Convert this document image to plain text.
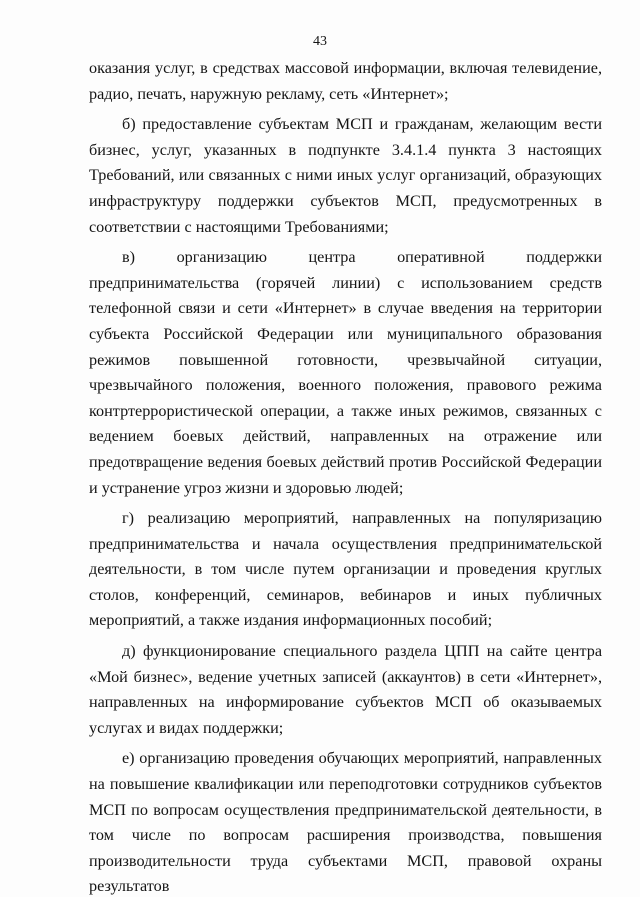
43

оказания услуг, в средствах массовой информации, включая телевидение, радио, печать, наружную рекламу, сеть «Интернет»;

б) предоставление субъектам МСП и гражданам, желающим вести бизнес, услуг, указанных в подпункте 3.4.1.4 пункта 3 настоящих Требований, или связанных с ними иных услуг организаций, образующих инфраструктуру поддержки субъектов МСП, предусмотренных в соответствии с настоящими Требованиями;

в) организацию центра оперативной поддержки предпринимательства (горячей линии) с использованием средств телефонной связи и сети «Интернет» в случае введения на территории субъекта Российской Федерации или муниципального образования режимов повышенной готовности, чрезвычайной ситуации, чрезвычайного положения, военного положения, правового режима контртеррористической операции, а также иных режимов, связанных с ведением боевых действий, направленных на отражение или предотвращение ведения боевых действий против Российской Федерации и устранение угроз жизни и здоровью людей;

г) реализацию мероприятий, направленных на популяризацию предпринимательства и начала осуществления предпринимательской деятельности, в том числе путем организации и проведения круглых столов, конференций, семинаров, вебинаров и иных публичных мероприятий, а также издания информационных пособий;

д) функционирование специального раздела ЦПП на сайте центра «Мой бизнес», ведение учетных записей (аккаунтов) в сети «Интернет», направленных на информирование субъектов МСП об оказываемых услугах и видах поддержки;

е) организацию проведения обучающих мероприятий, направленных на повышение квалификации или переподготовки сотрудников субъектов МСП по вопросам осуществления предпринимательской деятельности, в том числе по вопросам расширения производства, повышения производительности труда субъектами МСП, правовой охраны результатов
